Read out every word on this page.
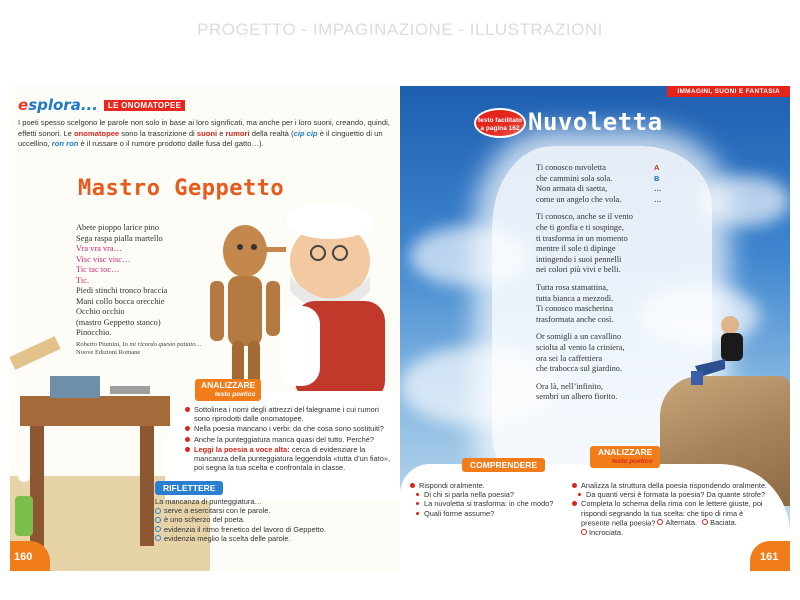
PROGETTO - IMPAGINAZIONE - ILLUSTRAZIONI
esplora...	LE ONOMATOPEE

I poeti spesso scelgono le parole non solo in base ai loro significati, ma anche per i loro suoni, creando, quindi, effetti sonori. Le onomatopee sono la trascrizione di suoni e rumori della realtà (cip cip è il cinguettio di un uccellino, ron ron è il russare o il rumore prodotto dalle fusa del gatto…).

Mastro Geppetto
Abete pioppo larice pino
Sega raspa pialla martello
Vra vra vra…
Visc visc visc…
Tic tac toc…
Tic.
Piedi stinchi tronco braccia
Mani collo bocca orecchie
Occhio occhio
(mastro Geppetto stanco)
Pinocchio.
Roberto Piumini, Io mi ricordo questo pattato…
Nuove Edizioni Romane
ANALIZZARE
testo poetico
Sottolinea i nomi degli attrezzi del falegname i cui rumori sono riprodotti dalle onomatopee.
Nella poesia mancano i verbi: da che cosa sono sostituiti?
Anche la punteggiatura manca quasi del tutto. Perché?
Leggi la poesia a voce alta: cerca di evidenziare la mancanza della punteggiatura leggendola «tutta d’un fiato», poi segna la tua scelta e confrontala in classe.
RIFLETTERE
La mancanza di punteggiatura…
serve a esercitarsi con le parole.
è uno scherzo del poeta.
evidenzia il ritmo frenetico del lavoro di Geppetto.
evidenzia meglio la scelta delle parole.
160
IMMAGINI, SUONI E FANTASIA
testo facilitato
a pagina 162 Nuvoletta
Ti conosco nuvoletta
che cammini sola sola.
Non armata di saetta,
come un angelo che vola.
Ti conosco, anche se il vento
che ti gonfia e ti sospinge,
ti trasforma in un momento
mentre il sole ti dipinge
intingendo i suoi pennelli
nei colori più vivi e belli.
Tutta rosa stamattina,
tutta bianca a mezzodì.
Ti conosco mascherina
trasformata anche così.
Or somigli a un cavallino
sciolta al vento la criniera,
ora sei la caffettiera
che trabocca sul giardino.
Ora là, nell’infinito,
sembri un albero fiorito.
A
B
…
…
COMPRENDERE
ANALIZZARE
testo poetico
Rispondi oralmente.
Di chi si parla nella poesia?
La nuvoletta si trasforma: in che modo?
Quali forme assume?
Analizza la struttura della poesia rispondendo oralmente.
Da quanti versi è formata la poesia? Da quante strofe?
Completa lo schema della rima con le lettere giuste, poi rispondi segnando la tua scelta: che tipo di rima è presente nella poesia? Alternata.
Baciata.

Incrociata.
161
